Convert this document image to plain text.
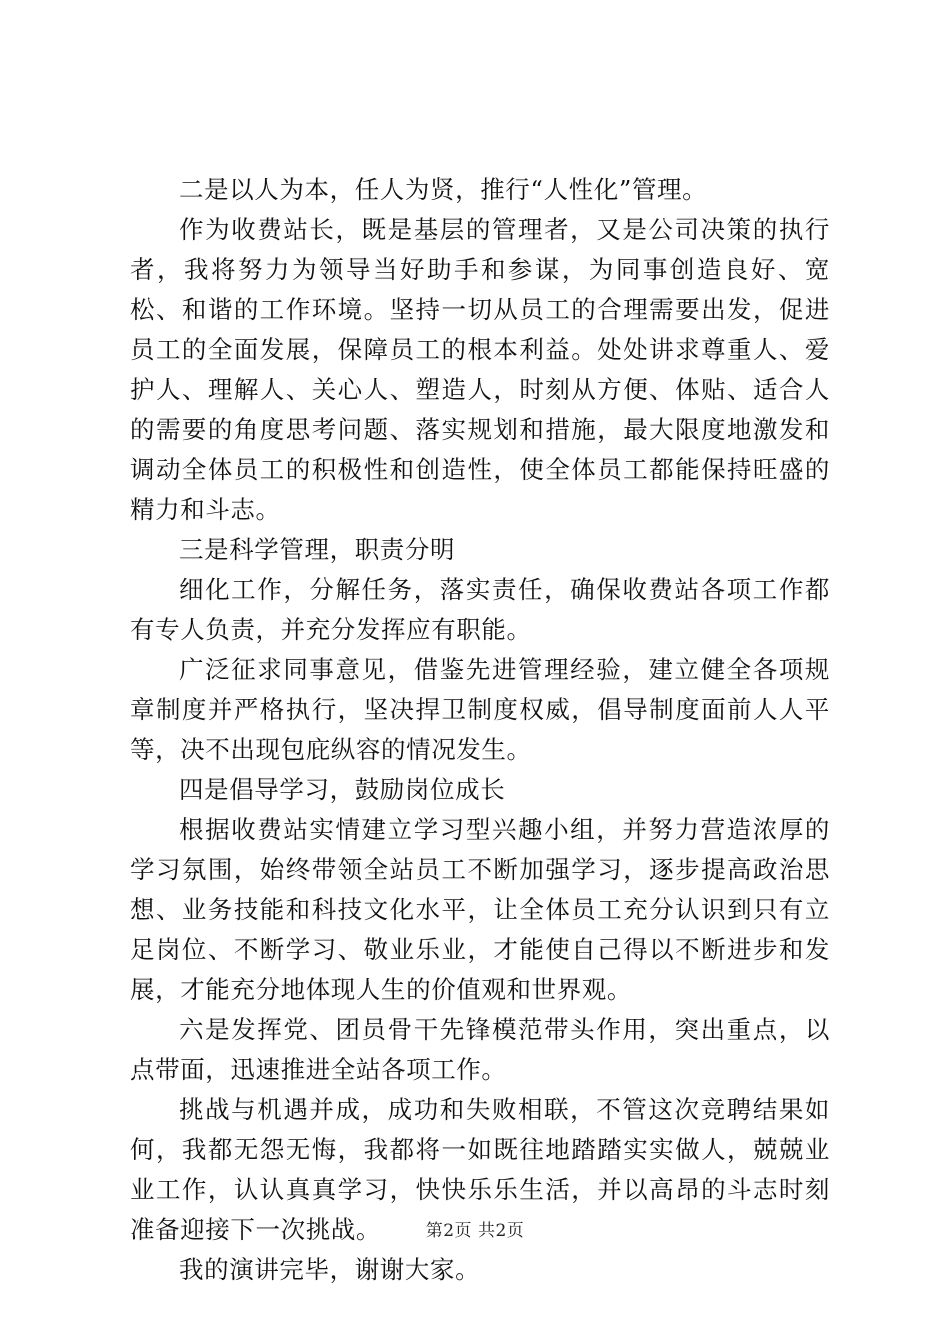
二是以人为本，任人为贤，推行“人性化”管理。

作为收费站长，既是基层的管理者，又是公司决策的执行者，我将努力为领导当好助手和参谋，为同事创造良好、宽松、和谐的工作环境。坚持一切从员工的合理需要出发，促进员工的全面发展，保障员工的根本利益。处处讲求尊重人、爱护人、理解人、关心人、塑造人，时刻从方便、体贴、适合人的需要的角度思考问题、落实规划和措施，最大限度地激发和调动全体员工的积极性和创造性，使全体员工都能保持旺盛的精力和斗志。

三是科学管理，职责分明

细化工作，分解任务，落实责任，确保收费站各项工作都有专人负责，并充分发挥应有职能。

广泛征求同事意见，借鉴先进管理经验，建立健全各项规章制度并严格执行，坚决捍卫制度权威，倡导制度面前人人平等，决不出现包庇纵容的情况发生。

四是倡导学习，鼓励岗位成长

根据收费站实情建立学习型兴趣小组，并努力营造浓厚的学习氛围，始终带领全站员工不断加强学习，逐步提高政治思想、业务技能和科技文化水平，让全体员工充分认识到只有立足岗位、不断学习、敬业乐业，才能使自己得以不断进步和发展，才能充分地体现人生的价值观和世界观。

六是发挥党、团员骨干先锋模范带头作用，突出重点，以点带面，迅速推进全站各项工作。

挑战与机遇并成，成功和失败相联，不管这次竞聘结果如何，我都无怨无悔，我都将一如既往地踏踏实实做人，兢兢业业工作，认认真真学习，快快乐乐生活，并以高昂的斗志时刻准备迎接下一次挑战。

我的演讲完毕，谢谢大家。

第2页 共2页
